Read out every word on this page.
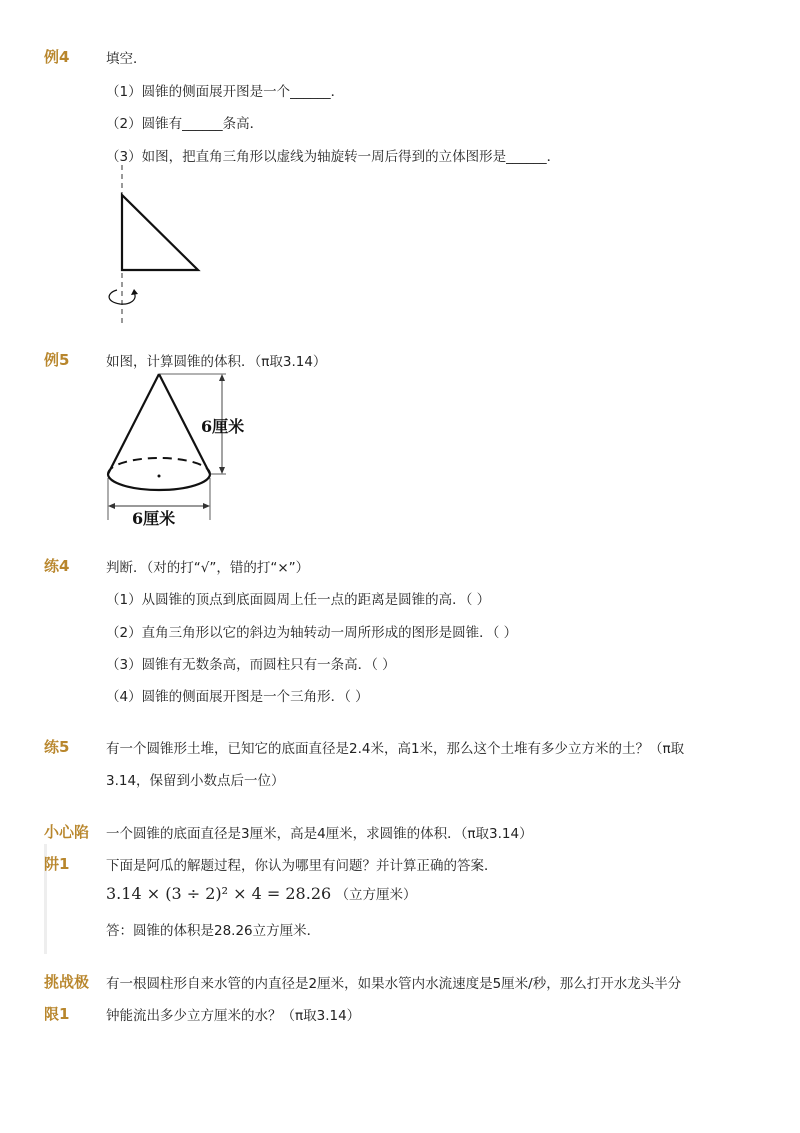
例4	填空．
（1）圆锥的侧面展开图是一个______．
（2）圆锥有______条高．
（3）如图，把直角三角形以虚线为轴旋转一周后得到的立体图形是______．
例5	如图，计算圆锥的体积．（π取3.14）
6厘米
6厘米
练4	判断．（对的打“√”，错的打“×”）
（1）从圆锥的顶点到底面圆周上任一点的距离是圆锥的高．（ ）
（2）直角三角形以它的斜边为轴转动一周所形成的图形是圆锥．（ ）
（3）圆锥有无数条高，而圆柱只有一条高．（ ）
（4）圆锥的侧面展开图是一个三角形．（ ）
练5	有一个圆锥形土堆，已知它的底面直径是2.4米，高1米，那么这个土堆有多少立方米的土？（π取
3.14，保留到小数点后一位）
小心陷
阱1
一个圆锥的底面直径是3厘米，高是4厘米，求圆锥的体积．（π取3.14）
下面是阿瓜的解题过程，你认为哪里有问题？并计算正确的答案．
3.14 × (3 ÷ 2)² × 4 = 28.26 （立方厘米）
答：圆锥的体积是28.26立方厘米．
挑战极
限1
有一根圆柱形自来水管的内直径是2厘米，如果水管内水流速度是5厘米/秒，那么打开水龙头半分
钟能流出多少立方厘米的水？（π取3.14）
